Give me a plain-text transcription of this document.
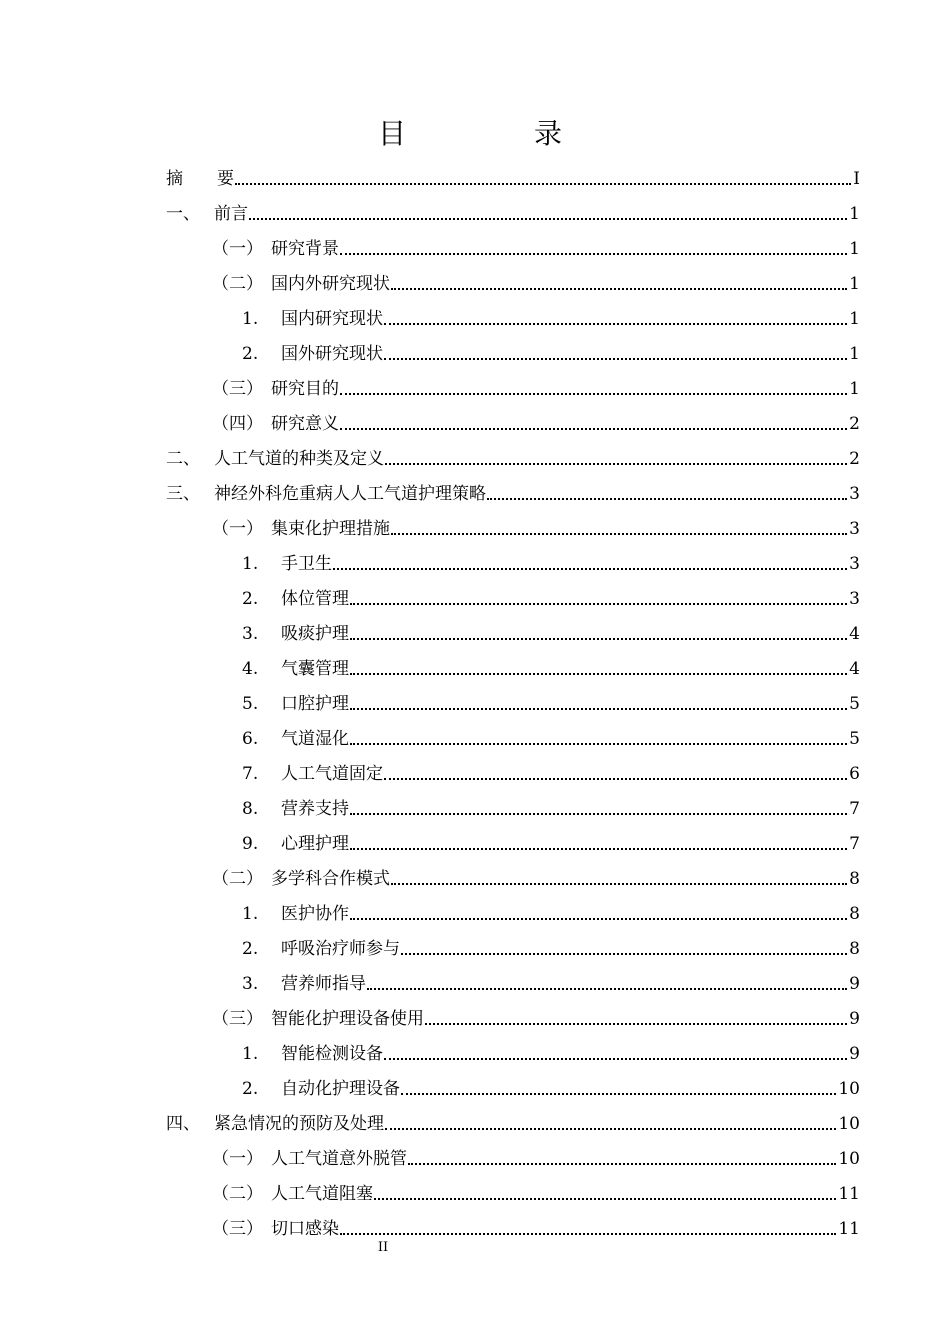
目　录
摘　　要	I
一、 前言	1
（一） 研究背景	1
（二） 国内外研究现状	1
1.	国内研究现状	1
2.	国外研究现状	1
（三） 研究目的	1
（四） 研究意义	2
二、 人工气道的种类及定义	2
三、 神经外科危重病人人工气道护理策略	3
（一） 集束化护理措施	3
1.	手卫生	3
2.	体位管理	3
3.	吸痰护理	4
4.	气囊管理	4
5.	口腔护理	5
6.	气道湿化	5
7.	人工气道固定	6
8.	营养支持	7
9.	心理护理	7
（二） 多学科合作模式	8
1.	医护协作	8
2.	呼吸治疗师参与	8
3.	营养师指导	9
（三） 智能化护理设备使用	9
1.	智能检测设备	9
2.	自动化护理设备	10
四、 紧急情况的预防及处理	10
（一） 人工气道意外脱管	10
（二） 人工气道阻塞	11
（三） 切口感染	11
II
